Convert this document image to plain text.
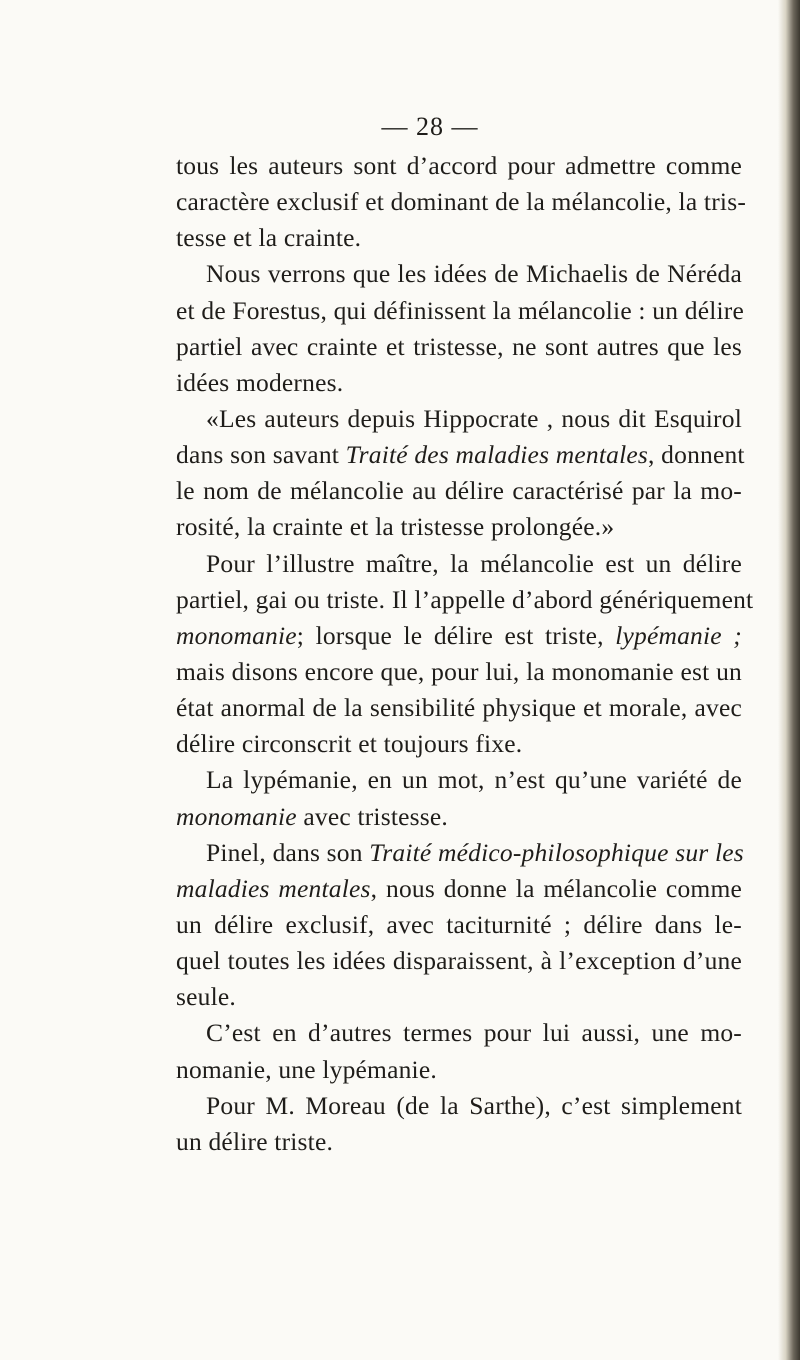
— 28 —
tous les auteurs sont d’accord pour admettre comme
caractère exclusif et dominant de la mélancolie, la tris-
tesse et la crainte.
Nous verrons que les idées de Michaelis de Néréda
et de Forestus, qui définissent la mélancolie : un délire
partiel avec crainte et tristesse, ne sont autres que les
idées modernes.
«Les auteurs depuis Hippocrate , nous dit Esquirol
dans son savant Traité des maladies mentales, donnent
le nom de mélancolie au délire caractérisé par la mo-
rosité, la crainte et la tristesse prolongée.»
Pour l’illustre maître, la mélancolie est un délire
partiel, gai ou triste. Il l’appelle d’abord génériquement
monomanie; lorsque le délire est triste, lypémanie ;
mais disons encore que, pour lui, la monomanie est un
état anormal de la sensibilité physique et morale, avec
délire circonscrit et toujours fixe.
La lypémanie, en un mot, n’est qu’une variété de
monomanie avec tristesse.
Pinel, dans son Traité médico-philosophique sur les
maladies mentales, nous donne la mélancolie comme
un délire exclusif, avec taciturnité ; délire dans le-
quel toutes les idées disparaissent, à l’exception d’une
seule.
C’est en d’autres termes pour lui aussi, une mo-
nomanie, une lypémanie.
Pour M. Moreau (de la Sarthe), c’est simplement
un délire triste.
